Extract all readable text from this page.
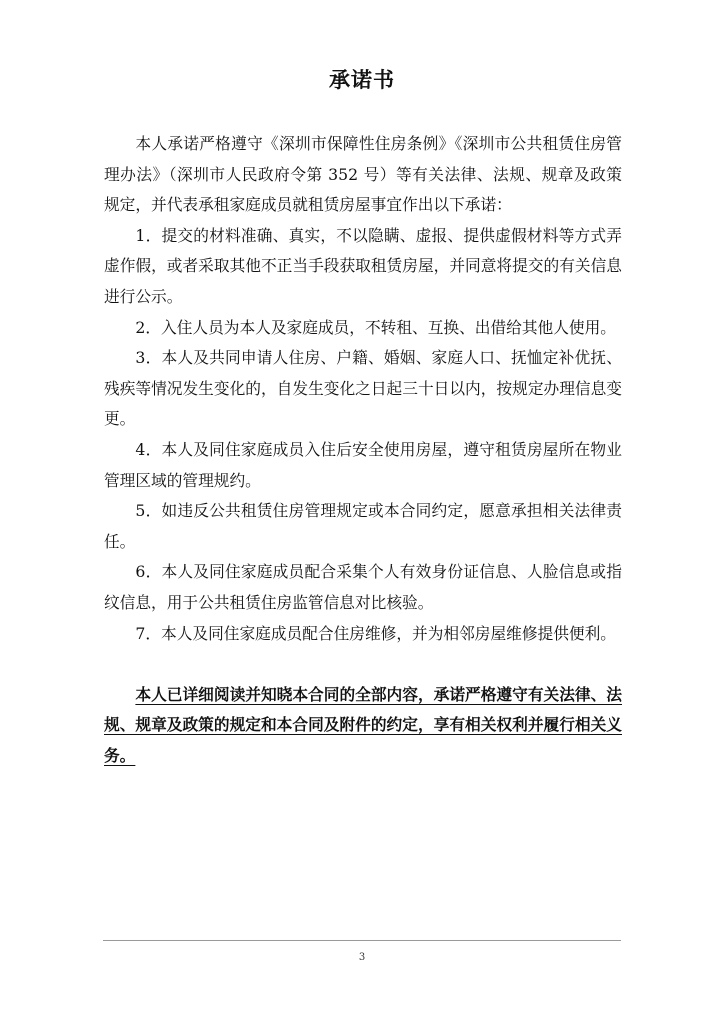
承诺书

本人承诺严格遵守《深圳市保障性住房条例》《深圳市公共租赁住房管理办法》（深圳市人民政府令第 352 号）等有关法律、法规、规章及政策规定，并代表承租家庭成员就租赁房屋事宜作出以下承诺：

1．提交的材料准确、真实，不以隐瞒、虚报、提供虚假材料等方式弄虚作假，或者采取其他不正当手段获取租赁房屋，并同意将提交的有关信息进行公示。

2．入住人员为本人及家庭成员，不转租、互换、出借给其他人使用。

3．本人及共同申请人住房、户籍、婚姻、家庭人口、抚恤定补优抚、残疾等情况发生变化的，自发生变化之日起三十日以内，按规定办理信息变更。

4．本人及同住家庭成员入住后安全使用房屋，遵守租赁房屋所在物业管理区域的管理规约。

5．如违反公共租赁住房管理规定或本合同约定，愿意承担相关法律责任。

6．本人及同住家庭成员配合采集个人有效身份证信息、人脸信息或指纹信息，用于公共租赁住房监管信息对比核验。

7．本人及同住家庭成员配合住房维修，并为相邻房屋维修提供便利。

本人已详细阅读并知晓本合同的全部内容，承诺严格遵守有关法律、法规、规章及政策的规定和本合同及附件的约定，享有相关权利并履行相关义务。

3
